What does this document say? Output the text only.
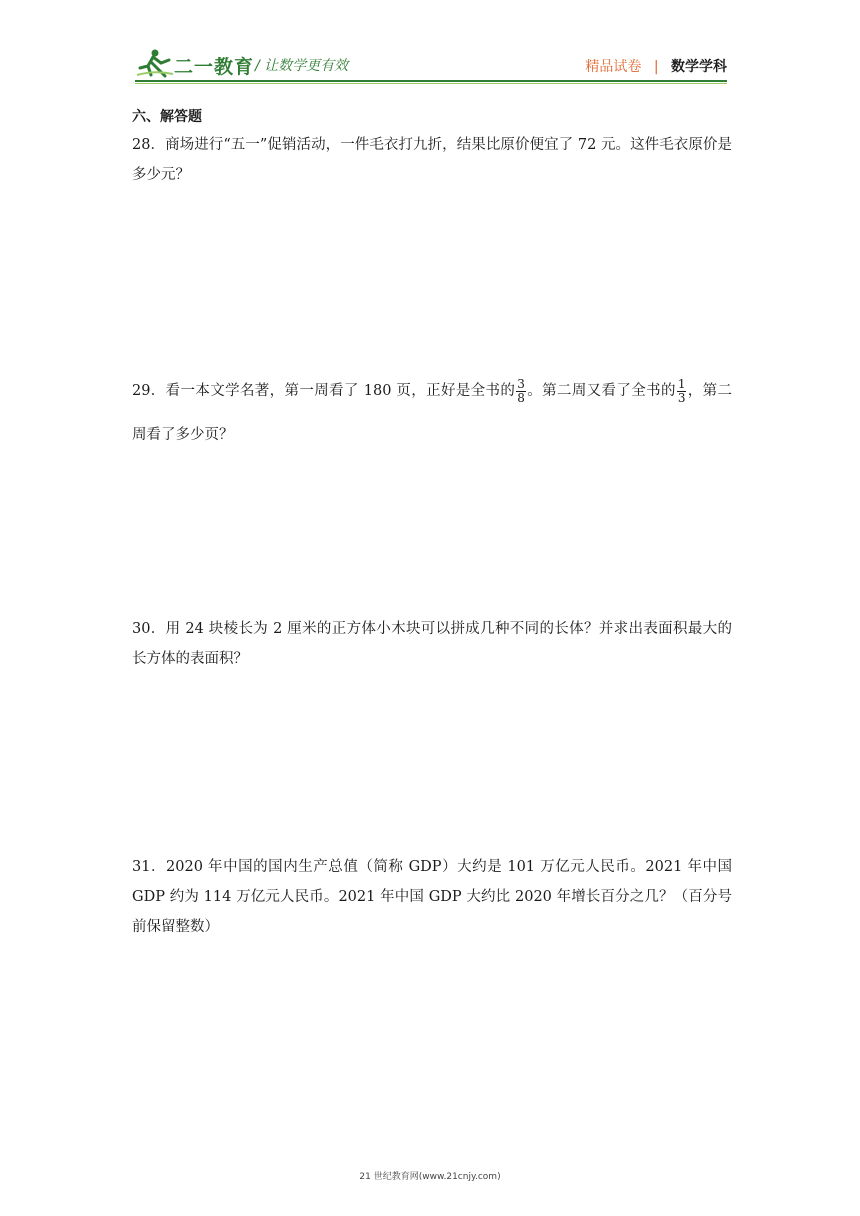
二一教育 / 让数学更有效	精品试卷 | 数学学科
六、解答题
28．商场进行“五一”促销活动，一件毛衣打九折，结果比原价便宜了 72 元。这件毛衣原价是多少元？
29．看一本文学名著，第一周看了 180 页，正好是全书的 $\frac{3}{8}$ 。第二周又看了全书的 $\frac{1}{3}$ ，第二周看了多少页？
30．用 24 块棱长为 2 厘米的正方体小木块可以拼成几种不同的长体？并求出表面积最大的长方体的表面积？
31．2020 年中国的国内生产总值（简称 GDP）大约是 101 万亿元人民币。2021 年中国 GDP 约为 114 万亿元人民币。2021 年中国 GDP 大约比 2020 年增长百分之几？（百分号前保留整数）
21 世纪教育网(www.21cnjy.com)
